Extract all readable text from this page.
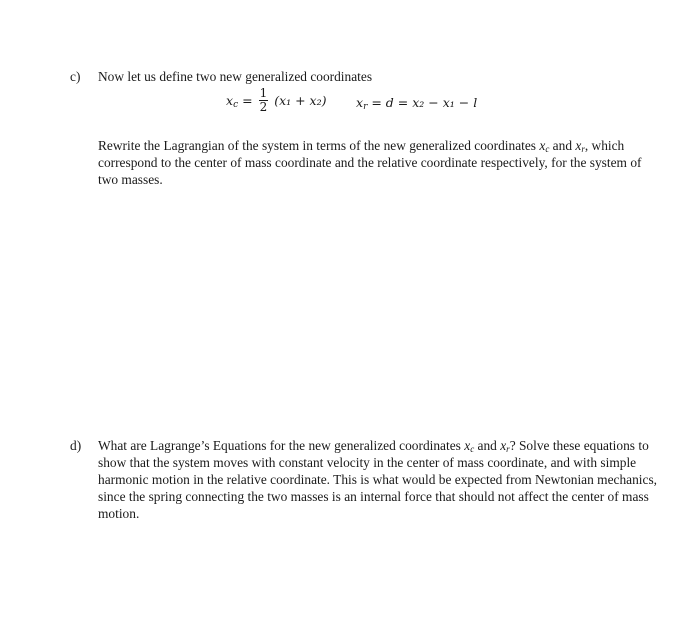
c) Now let us define two new generalized coordinates
$x_c = \frac{1}{2} (x_1 + x_2) x_r = d = x_2 - x_1 - l$
Rewrite the Lagrangian of the system in terms of the new generalized coordinates $x_c$ and $x_r$, which correspond to the center of mass coordinate and the relative coordinate respectively, for the system of two masses.
d) What are Lagrange’s Equations for the new generalized coordinates $x_c$ and $x_r$? Solve these equations to show that the system moves with constant velocity in the center of mass coordinate, and with simple harmonic motion in the relative coordinate. This is what would be expected from Newtonian mechanics, since the spring connecting the two masses is an internal force that should not affect the center of mass motion.
